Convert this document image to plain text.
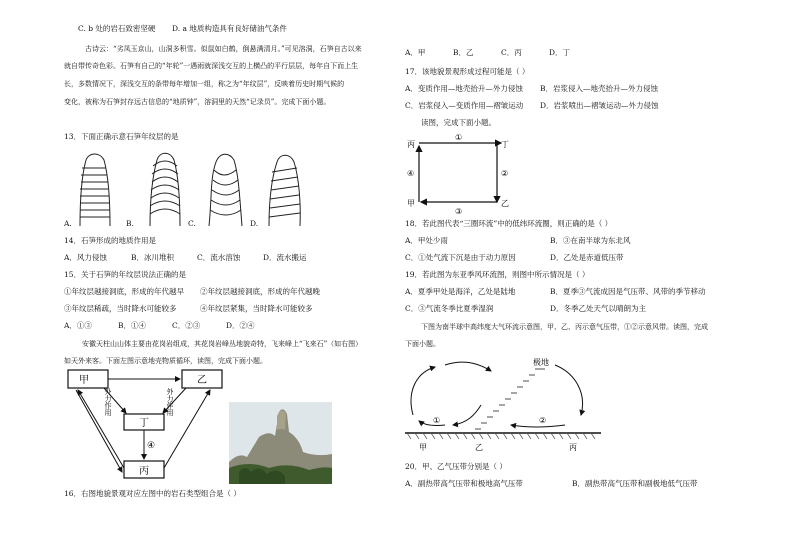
C. b 处的岩石致密坚硬 D. a 地质构造具有良好储油气条件
古诗云：“劣凤玉京山，山洞多积雪。似鼠如白鹤，倒悬满清月。”可见溶洞，石笋自古以来
就自带传奇色彩。石笋有自己的“年轮”一遇雨就深浅交互的上横凸的平行层层，每年自下而上生
长，多数情况下，深浅交互的条带每年增加一组，称之为“年纹层”，反映着历史时期气候的
变化，被称为石笋封存远古信息的“地质钟”，溶洞里的天然“记录员”。完成下面小题。
13．下面正确示意石笋年纹层的是
A.	B.	C.	D.
14．石笋形成的地质作用是
A．风力侵蚀	B．冰川堆积	C．流水溶蚀	D．流水搬运
15．关于石笋的年纹层说法正确的是
①年纹层越接洞底，形成的年代越早 ②年纹层越接洞底，形成的年代越晚
③年纹层稀疏，当时降水可能较多	④年纹层紧集，当时降水可能较多
A．①③	B．①④	C．②③	D．②④
安徽天柱山山体主要由花岗岩组成，其花岗岩峰丛地貌奇特，飞来峰上“飞来石”（如右图）
如天外来客。下面左图示意地壳物质循环，读图，完成下面小题。
甲	乙
丁
丙
④
外力作用	外力作用
16．右图地貌景观对应左图中的岩石类型组合是（ ）
A．甲	B．乙	C．丙	D．丁
17．该地貌景观形成过程可能是（ ）
A．变质作用—地壳抬升—外力侵蚀 B．岩浆侵入—地壳抬升—外力侵蚀
C．岩浆侵入—变质作用—褶皱运动 D．岩浆喷出—褶皱运动—外力侵蚀
读图，完成下面小题。
丙	丁
甲	乙
①
②
③
④
18．若此图代表“三圈环流”中的低纬环流圈，则正确的是（ ）
A．甲处少雨	B．③在南半球为东北风
C．①处气流下沉是由于动力原因	D．乙处是赤道低压带
19．若此图为东亚季风环流图，则图中所示情况是（ ）
A．夏季甲处是海洋，乙处是陆地	B．夏季③气流成因是气压带、风带的季节移动
C．③气流冬季比夏季湿润	D．冬季乙处天气以晴朗为主
下图为南半球中高纬度大气环流示意图，甲、乙、丙示意气压带，①②示意风带。读图，完成
下面小题。
极地
①	②
甲	乙	丙
20．甲、乙气压带分别是（ ）
A．副热带高气压带和极地高气压带	B．副热带高气压带和副极地低气压带
